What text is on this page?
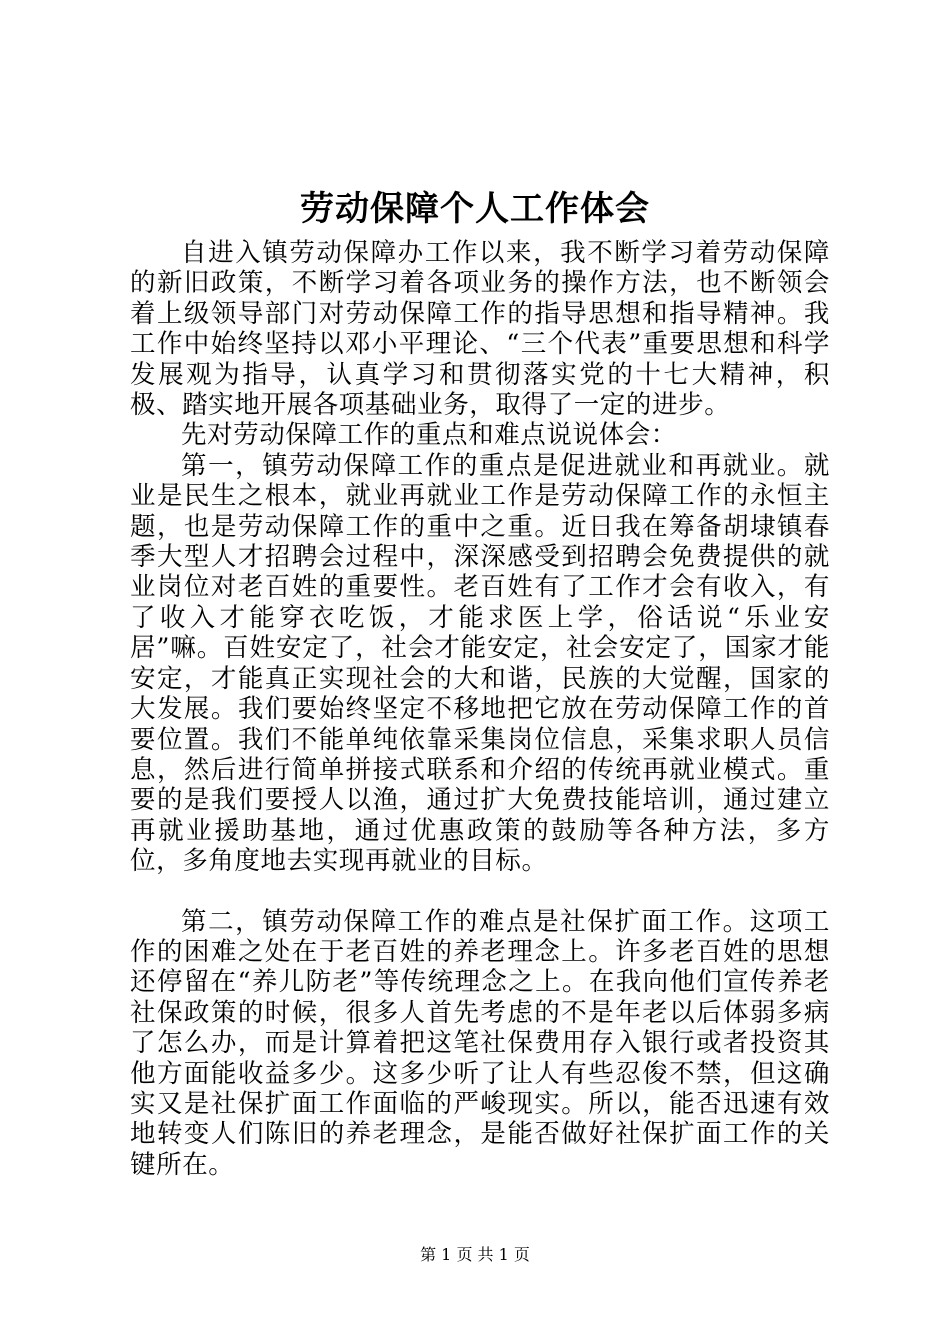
劳动保障个人工作体会

自进入镇劳动保障办工作以来，我不断学习着劳动保障的新旧政策，不断学习着各项业务的操作方法，也不断领会着上级领导部门对劳动保障工作的指导思想和指导精神。我工作中始终坚持以邓小平理论、“三个代表”重要思想和科学发展观为指导，认真学习和贯彻落实党的十七大精神，积极、踏实地开展各项基础业务，取得了一定的进步。

先对劳动保障工作的重点和难点说说体会：

第一，镇劳动保障工作的重点是促进就业和再就业。就业是民生之根本，就业再就业工作是劳动保障工作的永恒主题，也是劳动保障工作的重中之重。近日我在筹备胡埭镇春季大型人才招聘会过程中，深深感受到招聘会免费提供的就业岗位对老百姓的重要性。老百姓有了工作才会有收入，有了收入才能穿衣吃饭，才能求医上学，俗话说“乐业安居”嘛。百姓安定了，社会才能安定，社会安定了，国家才能安定，才能真正实现社会的大和谐，民族的大觉醒，国家的大发展。我们要始终坚定不移地把它放在劳动保障工作的首要位置。我们不能单纯依靠采集岗位信息，采集求职人员信息，然后进行简单拼接式联系和介绍的传统再就业模式。重要的是我们要授人以渔，通过扩大免费技能培训，通过建立再就业援助基地，通过优惠政策的鼓励等各种方法，多方位，多角度地去实现再就业的目标。

第二，镇劳动保障工作的难点是社保扩面工作。这项工作的困难之处在于老百姓的养老理念上。许多老百姓的思想还停留在“养儿防老”等传统理念之上。在我向他们宣传养老社保政策的时候，很多人首先考虑的不是年老以后体弱多病了怎么办，而是计算着把这笔社保费用存入银行或者投资其他方面能收益多少。这多少听了让人有些忍俊不禁，但这确实又是社保扩面工作面临的严峻现实。所以，能否迅速有效地转变人们陈旧的养老理念，是能否做好社保扩面工作的关键所在。

第 1 页 共 1 页
